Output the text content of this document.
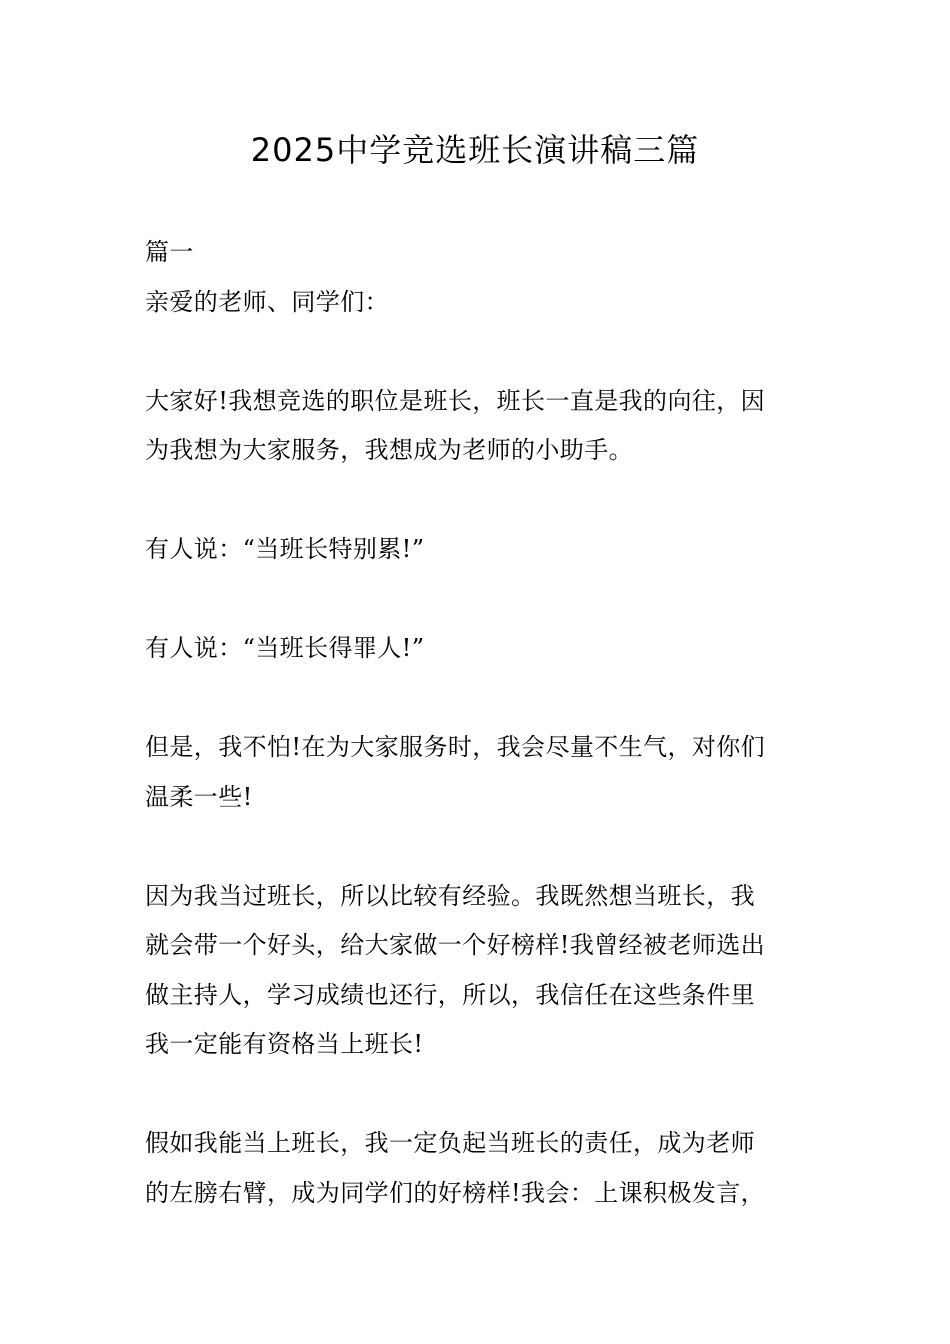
2025中学竞选班长演讲稿三篇
篇一
亲爱的老师、同学们：
大家好!我想竞选的职位是班长，班长一直是我的向往，因
为我想为大家服务，我想成为老师的小助手。
有人说：“当班长特别累!”
有人说：“当班长得罪人!”
但是，我不怕!在为大家服务时，我会尽量不生气，对你们
温柔一些!
因为我当过班长，所以比较有经验。我既然想当班长，我
就会带一个好头，给大家做一个好榜样!我曾经被老师选出
做主持人，学习成绩也还行，所以，我信任在这些条件里
我一定能有资格当上班长!
假如我能当上班长，我一定负起当班长的责任，成为老师
的左膀右臂，成为同学们的好榜样!我会：上课积极发言，
